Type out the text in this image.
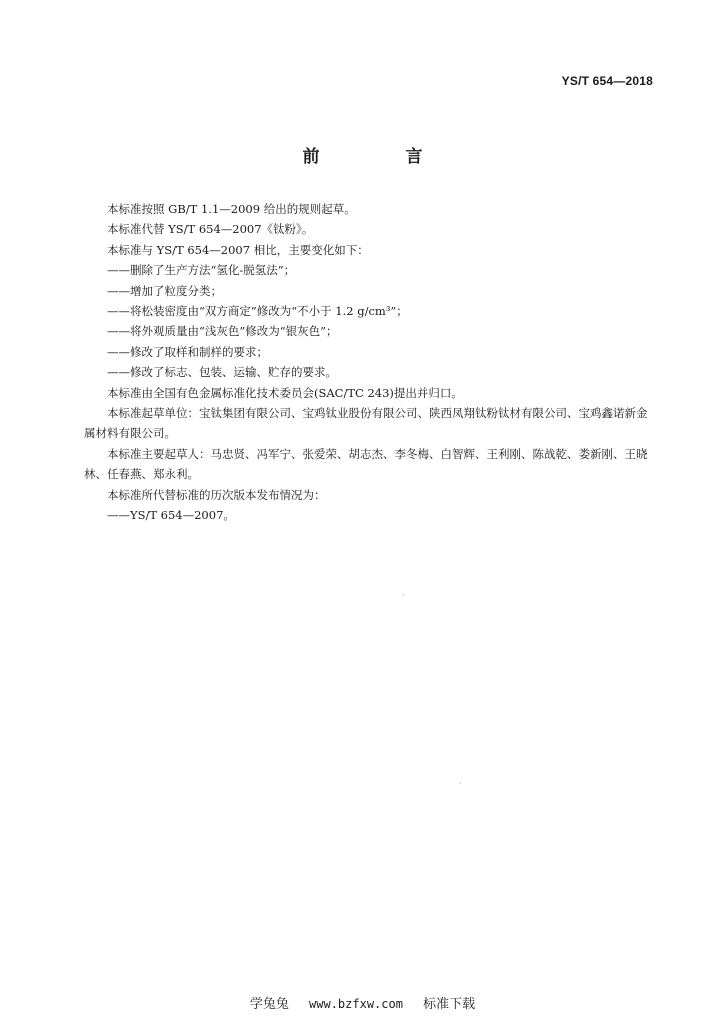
YS/T 654—2018
前 言

本标准按照 GB/T 1.1—2009 给出的规则起草。

本标准代替 YS/T 654—2007《钛粉》。

本标准与 YS/T 654—2007 相比，主要变化如下：

——删除了生产方法“氢化-脱氢法”；

——增加了粒度分类；

——将松装密度由“双方商定”修改为“不小于 1.2 g/cm³”；

——将外观质量由“浅灰色”修改为“银灰色”；

——修改了取样和制样的要求；

——修改了标志、包装、运输、贮存的要求。

本标准由全国有色金属标准化技术委员会(SAC/TC 243)提出并归口。

本标准起草单位：宝钛集团有限公司、宝鸡钛业股份有限公司、陕西凤翔钛粉钛材有限公司、宝鸡鑫诺新金属材料有限公司。

本标准主要起草人：马忠贤、冯军宁、张爱荣、胡志杰、李冬梅、白智辉、王利刚、陈战乾、娄新刚、王晓林、任春燕、郑永利。

本标准所代替标准的历次版本发布情况为：

——YS/T 654—2007。

·
·
学兔兔 www.bzfxw.com 标准下载
